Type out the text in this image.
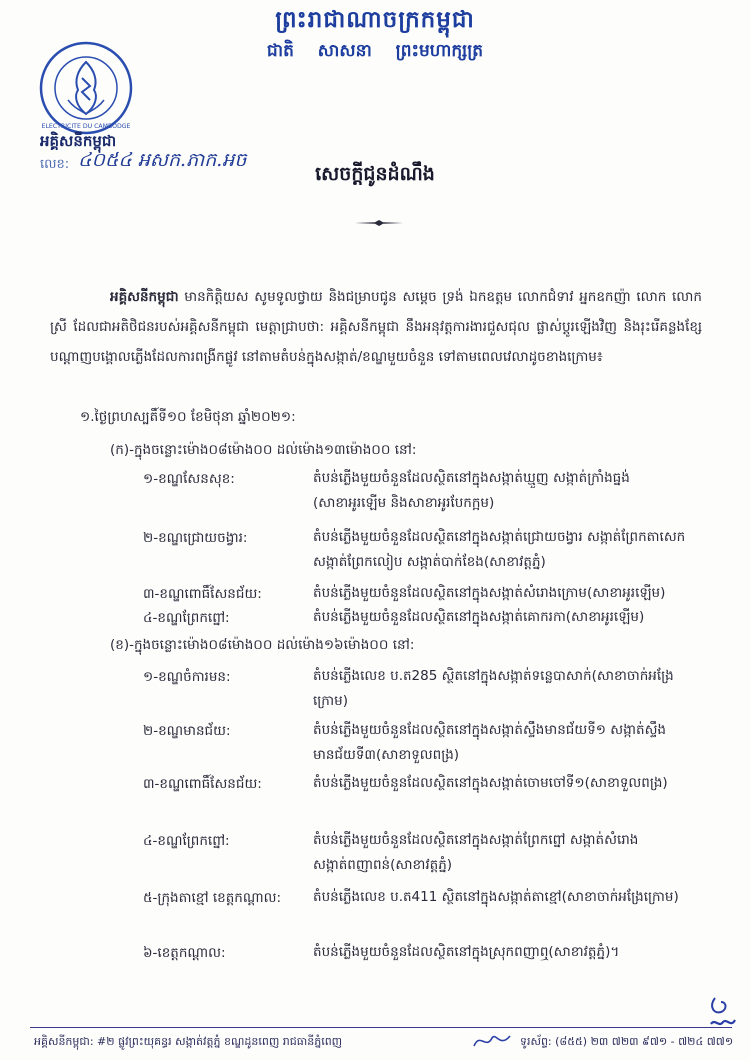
ព្រះរាជាណាចក្រកម្ពុជា
ជាតិ សាសនា ព្រះមហាក្សត្រ
ELECTRICITE DU CAMBODGE
អគ្គិសនីកម្ពុជា
លេខ: ៤០៥៤ អសក.ភាក.អច
សេចក្តីជូនដំណឹង
អគ្គិសនីកម្ពុជា មានកិត្តិយស សូមទូលថ្វាយ និងជម្រាបជូន សម្តេច ទ្រង់ ឯកឧត្តម លោកជំទាវ អ្នកឧកញ៉ា លោក លោកស្រី ដែលជាអតិថិជនរបស់អគ្គិសនីកម្ពុជា មេត្តាជ្រាបថា: អគ្គិសនីកម្ពុជា នឹងអនុវត្តការងារជួសជុល ផ្លាស់ប្តូរឡើងវិញ និងរុះរើគន្លងខ្សែបណ្តាញបង្គោលភ្លើងដែលការពង្រីកផ្លូវ នៅតាមតំបន់ក្នុងសង្កាត់/ខណ្ឌមួយចំនួន ទៅតាមពេលវេលាដូចខាងក្រោម៖
១.ថ្ងៃព្រហស្បតិ៍ទី១០ ខែមិថុនា ឆ្នាំ២០២១:
(ក)-ក្នុងចន្លោះម៉ោង០៨ម៉ោង០០ ដល់ម៉ោង១៣ម៉ោង០០ នៅ:
១-ខណ្ឌសែនសុខ:	តំបន់ភ្លើងមួយចំនួនដែលស្ថិតនៅក្នុងសង្កាត់ឃ្មួញ សង្កាត់ក្រាំងធ្នង់ (សាខាអូរឡើម និងសាខាអូរបែកក្អម)
២-ខណ្ឌជ្រោយចង្វារ:	តំបន់ភ្លើងមួយចំនួនដែលស្ថិតនៅក្នុងសង្កាត់ជ្រោយចង្វារ សង្កាត់ព្រែកតាសេក សង្កាត់ព្រែកលៀប សង្កាត់បាក់ខែង(សាខាវត្តភ្នំ)
៣-ខណ្ឌពោធិ៍សែនជ័យ:	តំបន់ភ្លើងមួយចំនួនដែលស្ថិតនៅក្នុងសង្កាត់សំរោងក្រោម(សាខាអូរឡើម)
៤-ខណ្ឌព្រែកព្នៅ:	តំបន់ភ្លើងមួយចំនួនដែលស្ថិតនៅក្នុងសង្កាត់គោករកា(សាខាអូរឡើម)
(ខ)-ក្នុងចន្លោះម៉ោង០៨ម៉ោង០០ ដល់ម៉ោង១៦ម៉ោង០០ នៅ:
១-ខណ្ឌចំការមន:	តំបន់ភ្លើងលេខ ប.ត285 ស្ថិតនៅក្នុងសង្កាត់ទន្លេបាសាក់(សាខាចាក់អង្រែក្រោម)
២-ខណ្ឌមានជ័យ:	តំបន់ភ្លើងមួយចំនួនដែលស្ថិតនៅក្នុងសង្កាត់ស្ទឹងមានជ័យទី១ សង្កាត់ស្ទឹងមានជ័យទី៣(សាខាទួលពង្រ)
៣-ខណ្ឌពោធិ៍សែនជ័យ:	តំបន់ភ្លើងមួយចំនួនដែលស្ថិតនៅក្នុងសង្កាត់ចោមចៅទី១(សាខាទួលពង្រ)
៤-ខណ្ឌព្រែកព្នៅ:	តំបន់ភ្លើងមួយចំនួនដែលស្ថិតនៅក្នុងសង្កាត់ព្រែកព្នៅ សង្កាត់សំរោង សង្កាត់ពញាពន់(សាខាវត្តភ្នំ)
៥-ក្រុងតាខ្មៅ ខេត្តកណ្តាល: តំបន់ភ្លើងលេខ ប.ត411 ស្ថិតនៅក្នុងសង្កាត់តាខ្មៅ(សាខាចាក់អង្រែក្រោម)
៦-ខេត្តកណ្តាល:	តំបន់ភ្លើងមួយចំនួនដែលស្ថិតនៅក្នុងស្រុកពញាឮ(សាខាវត្តភ្នំ)។
អគ្គិសនីកម្ពុជា: #២ ផ្លូវព្រះយុគន្ធរ សង្កាត់វត្តភ្នំ ខណ្ឌដូនពេញ រាជធានីភ្នំពេញ	ទូរស័ព្ទ: (៨៥៥) ២៣ ៧២៣ ៩៧១ - ៧២៤ ៧៧១
